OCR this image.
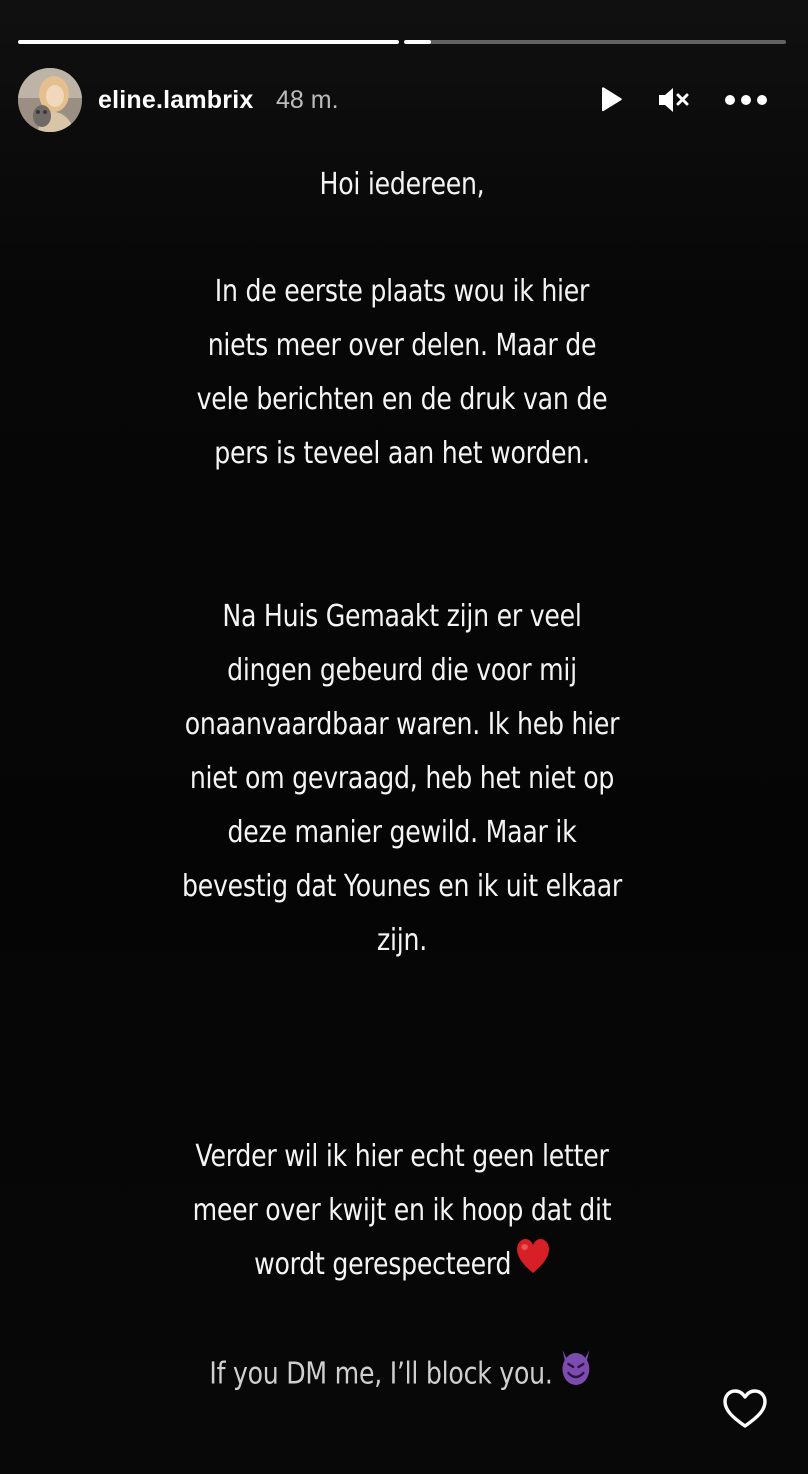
eline.lambrix 48 m.
Hoi iedereen,
In de eerste plaats wou ik hier niets meer over delen. Maar de vele berichten en de druk van de pers is teveel aan het worden.
Na Huis Gemaakt zijn er veel dingen gebeurd die voor mij onaanvaardbaar waren. Ik heb hier niet om gevraagd, heb het niet op deze manier gewild. Maar ik bevestig dat Younes en ik uit elkaar zijn.
Verder wil ik hier echt geen letter meer over kwijt en ik hoop dat dit wordt gerespecteerd
If you DM me, I’ll block you.
